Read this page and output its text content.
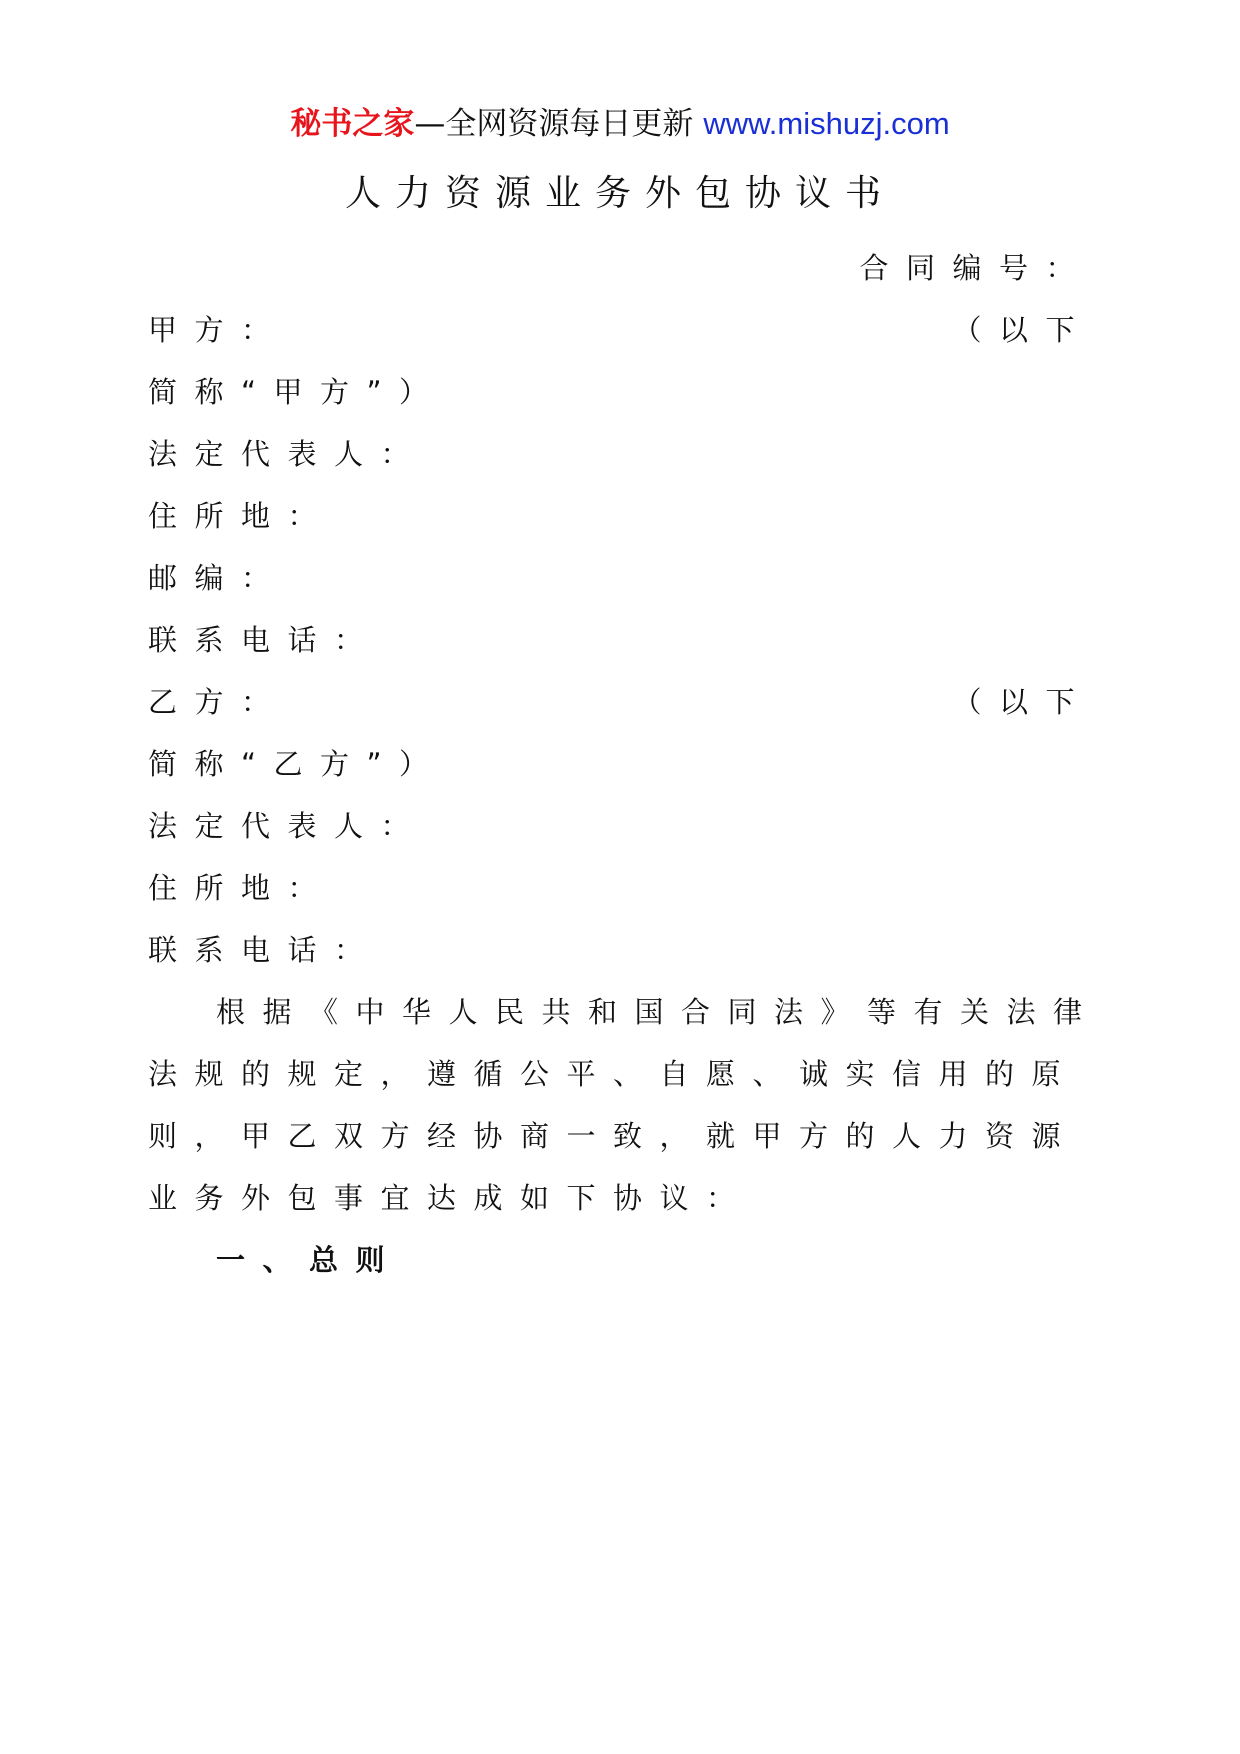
秘书之家—全网资源每日更新 www.mishuzj.com
人力资源业务外包协议书
合同编号：
甲方：	（以下
简称“甲方”）
法定代表人：
住所地：
邮编：
联系电话：
乙方：	（以下
简称“乙方”）
法定代表人：
住所地：
联系电话：
根据《中华人民共和国合同法》等有关法律
法规的规定，遵循公平、自愿、诚实信用的原
则，甲乙双方经协商一致，就甲方的人力资源
业务外包事宜达成如下协议：
一、总则
